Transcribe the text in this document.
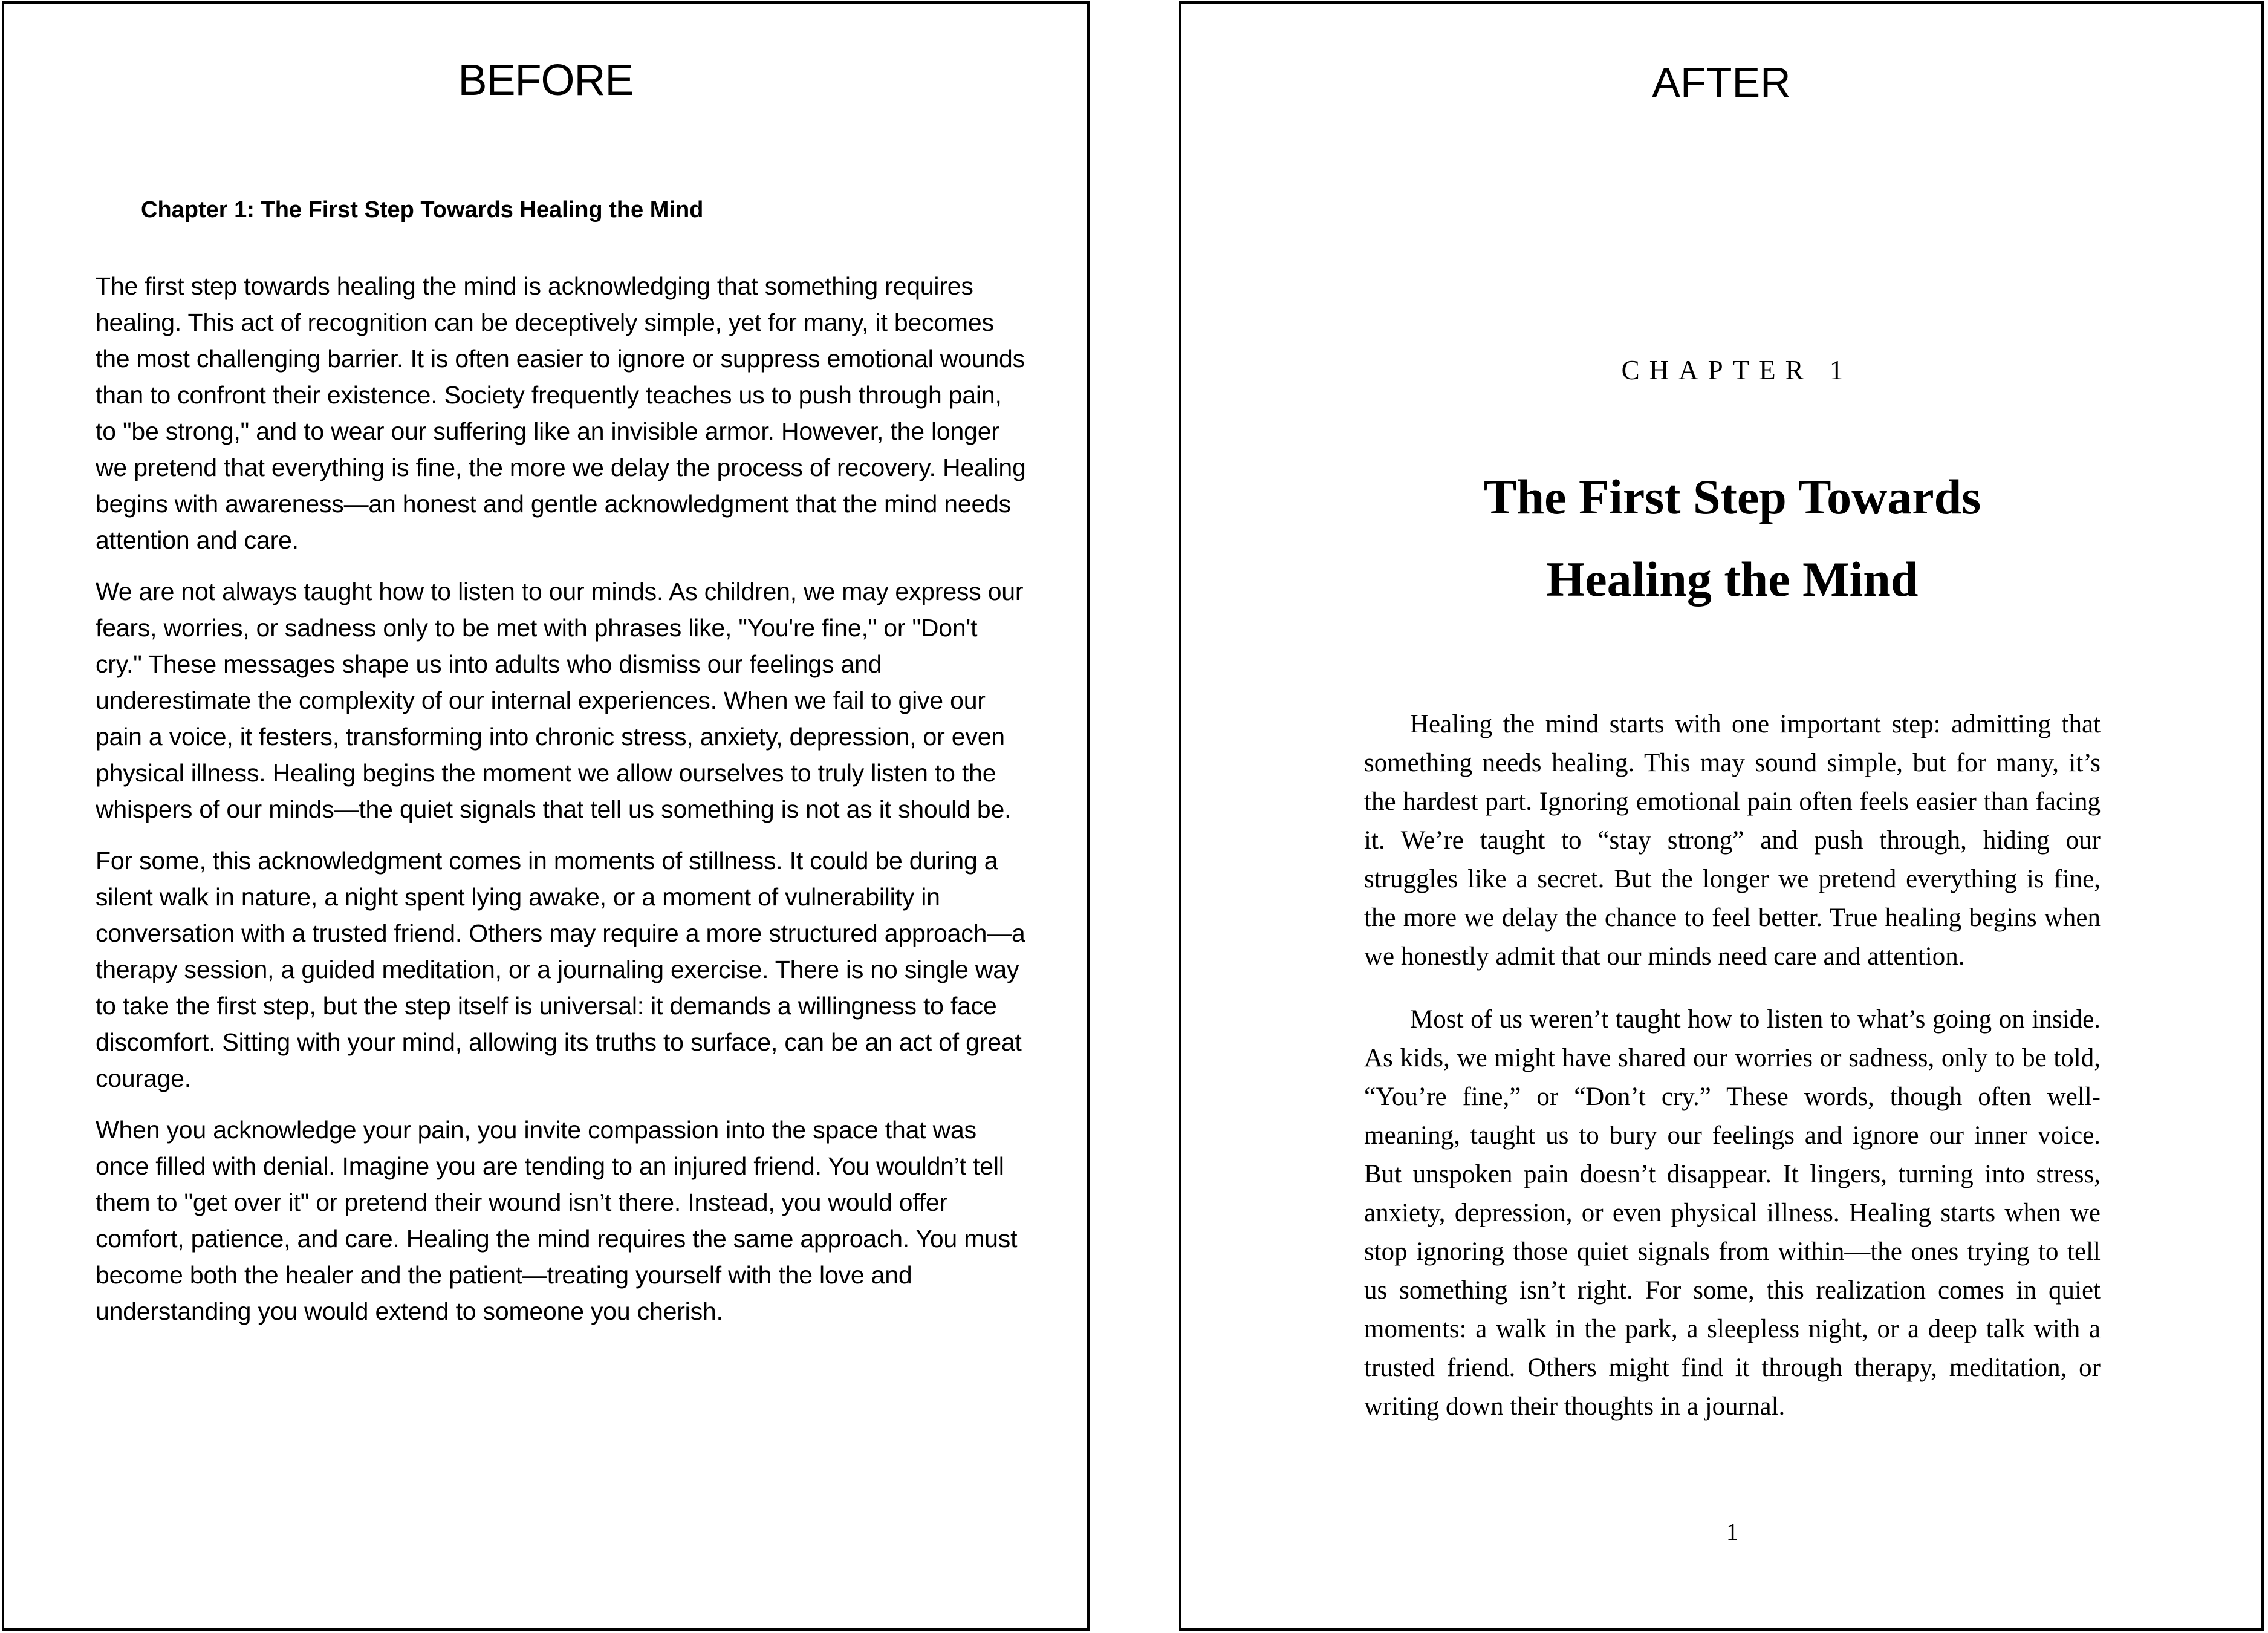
BEFORE
Chapter 1: The First Step Towards Healing the Mind

The first step towards healing the mind is acknowledging that something requires healing. This act of recognition can be deceptively simple, yet for many, it becomes the most challenging barrier. It is often easier to ignore or suppress emotional wounds than to confront their existence. Society frequently teaches us to push through pain, to "be strong," and to wear our suffering like an invisible armor. However, the longer we pretend that everything is fine, the more we delay the process of recovery. Healing begins with awareness—an honest and gentle acknowledgment that the mind needs attention and care.

We are not always taught how to listen to our minds. As children, we may express our fears, worries, or sadness only to be met with phrases like, "You're fine," or "Don't cry." These messages shape us into adults who dismiss our feelings and underestimate the complexity of our internal experiences. When we fail to give our pain a voice, it festers, transforming into chronic stress, anxiety, depression, or even physical illness. Healing begins the moment we allow ourselves to truly listen to the whispers of our minds—the quiet signals that tell us something is not as it should be.

For some, this acknowledgment comes in moments of stillness. It could be during a silent walk in nature, a night spent lying awake, or a moment of vulnerability in conversation with a trusted friend. Others may require a more structured approach—a therapy session, a guided meditation, or a journaling exercise. There is no single way to take the first step, but the step itself is universal: it demands a willingness to face discomfort. Sitting with your mind, allowing its truths to surface, can be an act of great courage.

When you acknowledge your pain, you invite compassion into the space that was once filled with denial. Imagine you are tending to an injured friend. You wouldn’t tell them to "get over it" or pretend their wound isn’t there. Instead, you would offer comfort, patience, and care. Healing the mind requires the same approach. You must become both the healer and the patient—treating yourself with the love and understanding you would extend to someone you cherish.

AFTER
CHAPTER 1
The First Step Towards
Healing the Mind

Healing the mind starts with one important step: admitting that something needs healing. This may sound simple, but for many, it’s the hardest part. Ignoring emotional pain often feels easier than facing it. We’re taught to “stay strong” and push through, hiding our struggles like a secret. But the longer we pretend everything is fine, the more we delay the chance to feel better. True healing begins when we honestly admit that our minds need care and attention.

Most of us weren’t taught how to listen to what’s going on inside. As kids, we might have shared our worries or sadness, only to be told, “You’re fine,” or “Don’t cry.” These words, though often well-meaning, taught us to bury our feelings and ignore our inner voice. But unspoken pain doesn’t disappear. It lingers, turning into stress, anxiety, depression, or even physical illness. Healing starts when we stop ignoring those quiet signals from within—the ones trying to tell us something isn’t right. For some, this realization comes in quiet moments: a walk in the park, a sleepless night, or a deep talk with a trusted friend. Others might find it through therapy, meditation, or writing down their thoughts in a journal.

1
